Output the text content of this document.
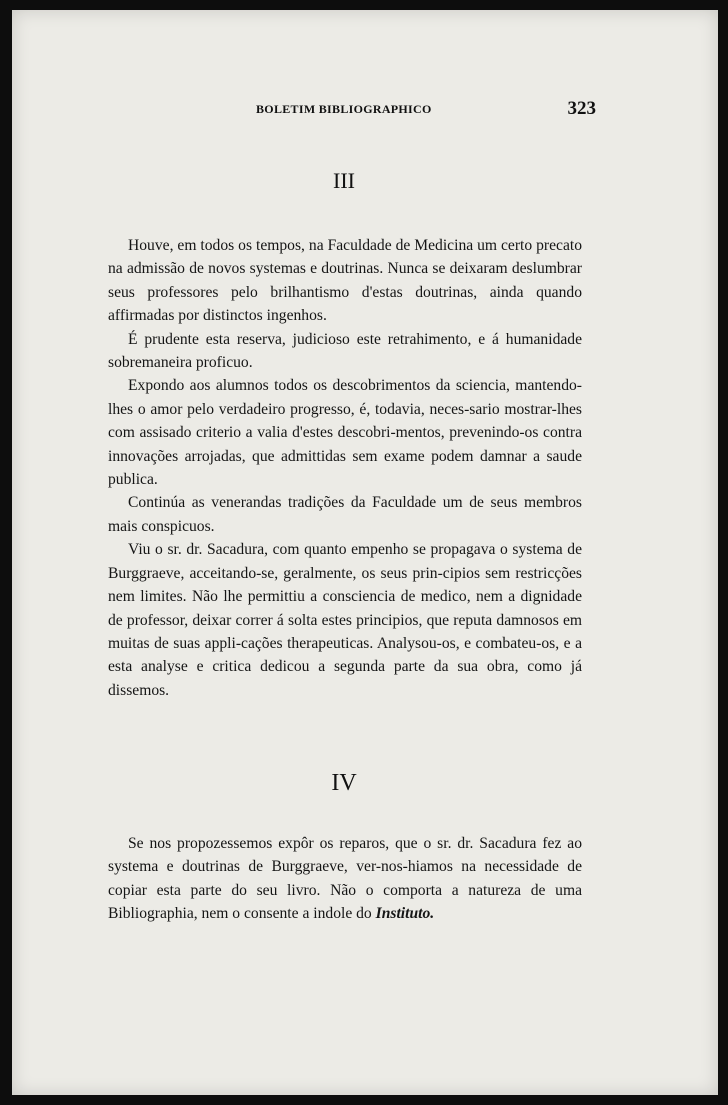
BOLETIM BIBLIOGRAPHICO	323
III

Houve, em todos os tempos, na Faculdade de Medicina um certo precato na admissão de novos systemas e doutrinas. Nunca se deixaram deslumbrar seus professores pelo brilhantismo d'estas doutrinas, ainda quando affirmadas por distinctos ingenhos.

É prudente esta reserva, judicioso este retrahimento, e á humanidade sobremaneira proficuo.

Expondo aos alumnos todos os descobrimentos da sciencia, mantendo-lhes o amor pelo verdadeiro progresso, é, todavia, neces-sario mostrar-lhes com assisado criterio a valia d'estes descobri-mentos, prevenindo-os contra innovações arrojadas, que admittidas sem exame podem damnar a saude publica.

Continúa as venerandas tradições da Faculdade um de seus membros mais conspicuos.

Viu o sr. dr. Sacadura, com quanto empenho se propagava o systema de Burggraeve, acceitando-se, geralmente, os seus prin-cipios sem restricções nem limites. Não lhe permittiu a consciencia de medico, nem a dignidade de professor, deixar correr á solta estes principios, que reputa damnosos em muitas de suas appli-cações therapeuticas. Analysou-os, e combateu-os, e a esta analyse e critica dedicou a segunda parte da sua obra, como já dissemos.

IV

Se nos propozessemos expôr os reparos, que o sr. dr. Sacadura fez ao systema e doutrinas de Burggraeve, ver-nos-hiamos na necessidade de copiar esta parte do seu livro. Não o comporta a natureza de uma Bibliographia, nem o consente a indole do Instituto.
